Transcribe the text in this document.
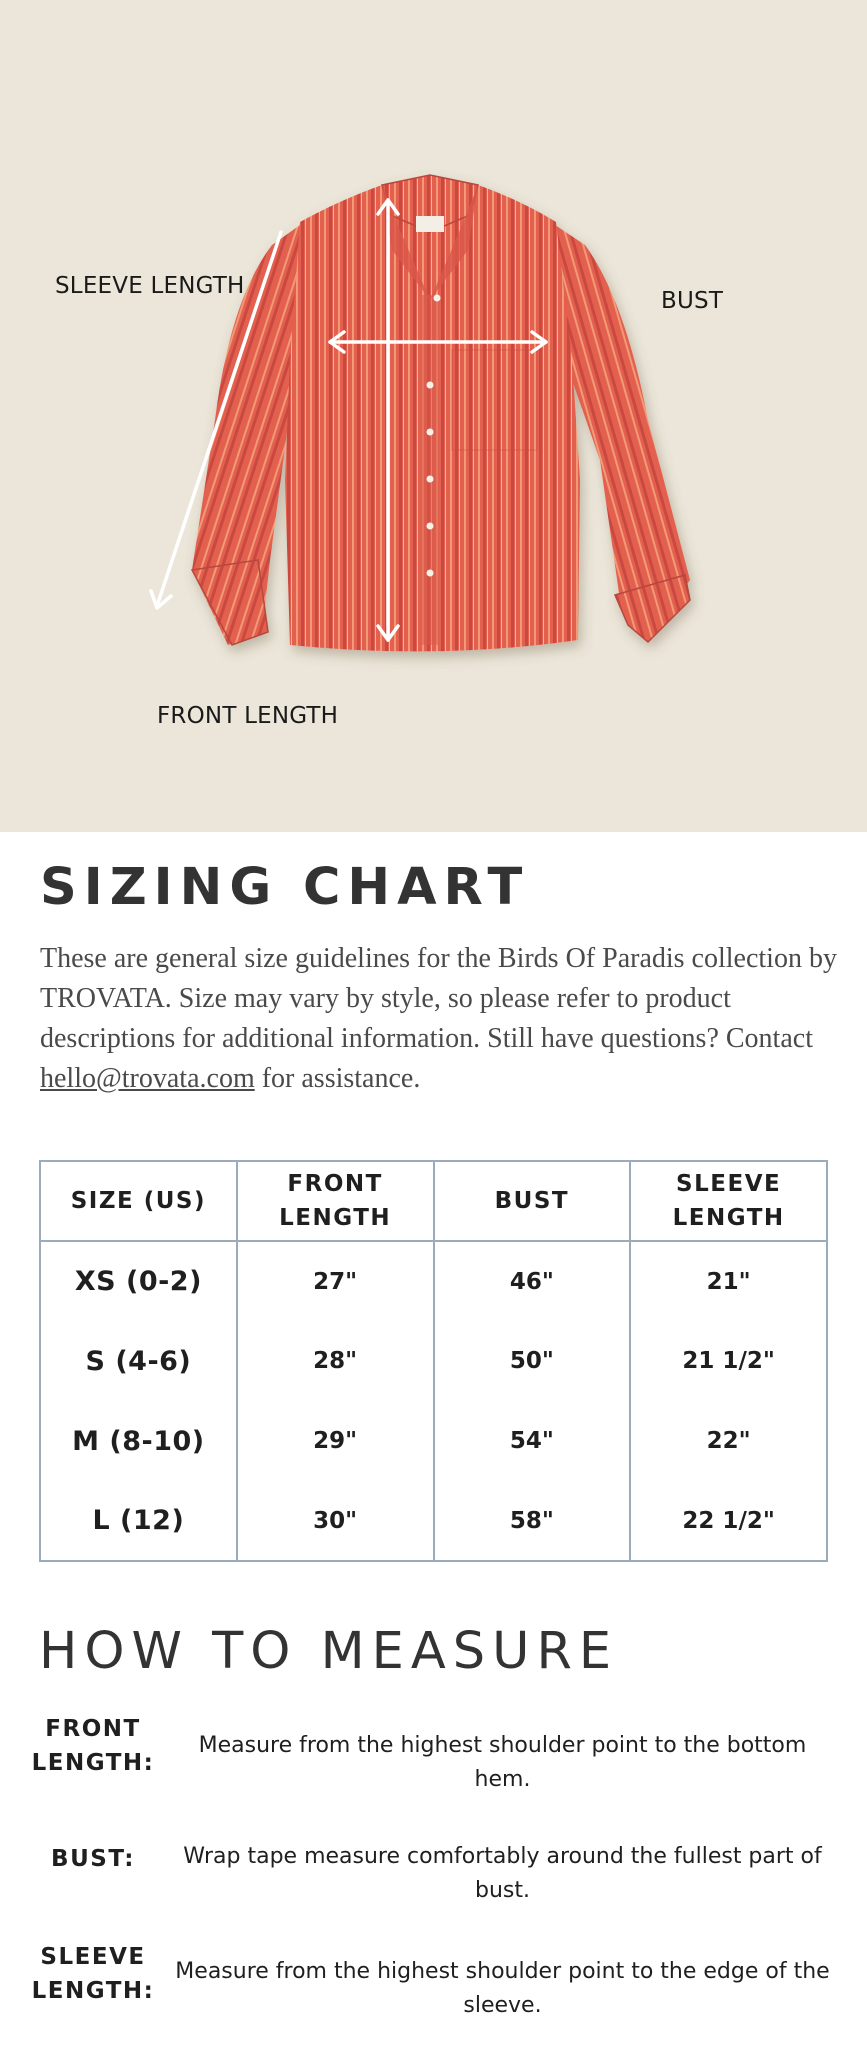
SLEEVE LENGTH
BUST
FRONT LENGTH
SIZING CHART

These are general size guidelines for the Birds Of Paradis collection by TROVATA. Size may vary by style, so please refer to product descriptions for additional information. Still have questions? Contact hello@trovata.com for assistance.

SIZE (US)	FRONT LENGTH	BUST	SLEEVE LENGTH
XS (0-2)	27"	46"	21"
S (4-6)	28"	50"	21 1/2"
M (8-10)	29"	54"	22"
L (12)	30"	58"	22 1/2"
HOW TO MEASURE
FRONT LENGTH:
Measure from the highest shoulder point to the bottom hem.
BUST:	Wrap tape measure comfortably around the fullest part of bust.
SLEEVE LENGTH:
Measure from the highest shoulder point to the edge of the sleeve.
